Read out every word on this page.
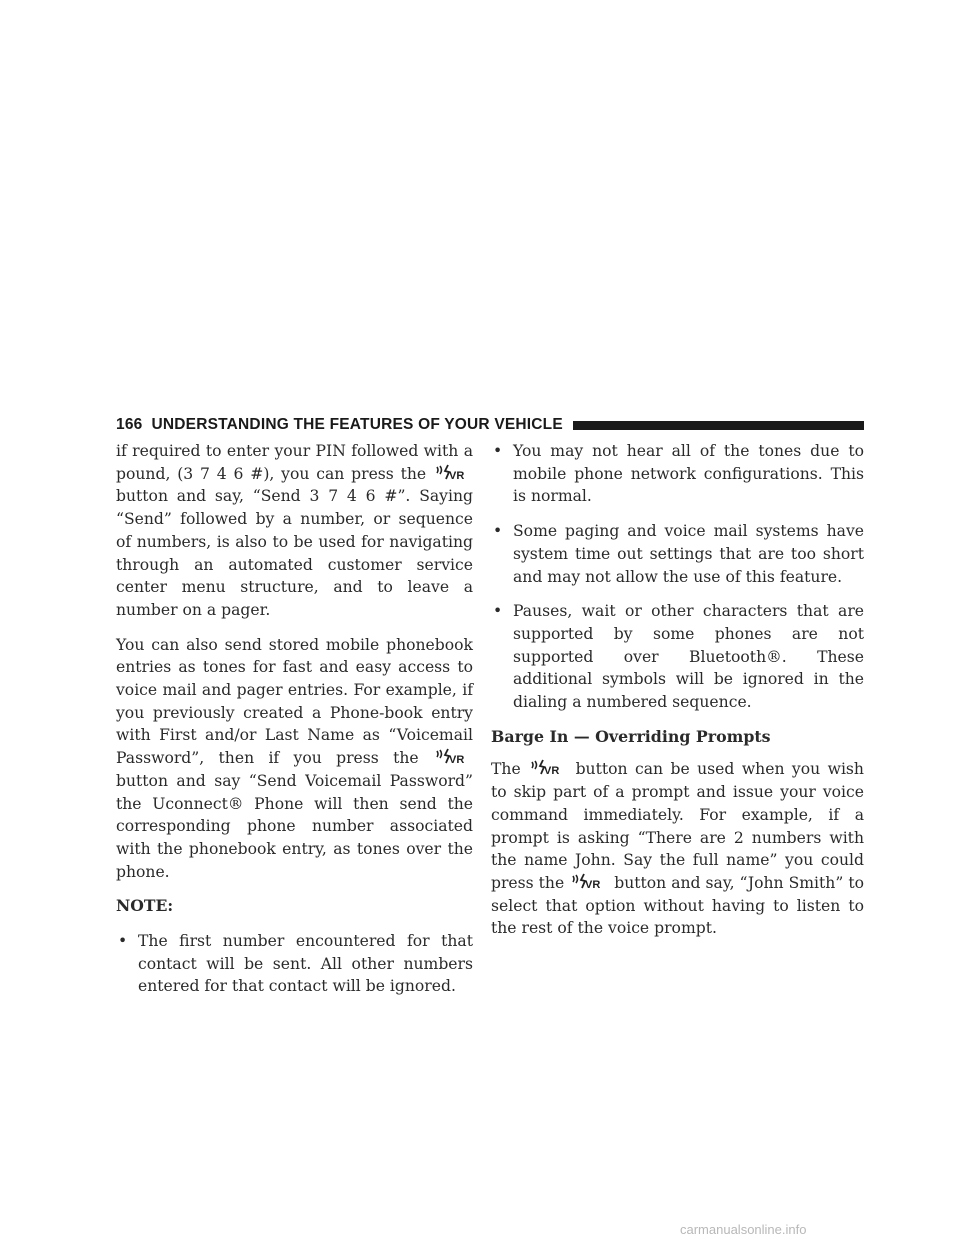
166 UNDERSTANDING THE FEATURES OF YOUR VEHICLE

if required to enter your PIN followed with a pound, (3 7 4 6 #), you can press the VR
button and say, “Send 3 7 4 6 #”. Saying “Send” followed by a number, or sequence of numbers, is also to be used for navigating through an automated customer service center menu structure, and to leave a number on a pager.

You can also send stored mobile phonebook entries as tones for fast and easy access to voice mail and pager entries. For example, if you previously created a Phone-book entry with First and/or Last Name as “Voicemail Password”, then if you press the	VR
button and say “Send Voicemail Password” the Uconnect® Phone will then send the corresponding phone number associated with the phonebook entry, as tones over the phone.

NOTE:
• The first number encountered for that contact will be sent. All other numbers entered for that contact will be ignored.
• You may not hear all of the tones due to mobile phone network configurations. This is normal.
• Some paging and voice mail systems have system time out settings that are too short and may not allow the use of this feature.
• Pauses, wait or other characters that are supported by some phones are not supported over Bluetooth®. These additional symbols will be ignored in the dialing a numbered sequence.
Barge In — Overriding Prompts

The VR button can be used when you wish to skip part of a prompt and issue your voice command immediately. For example, if a prompt is asking “There are 2 numbers with the name John. Say the full name” you could press the VR button and say, “John Smith” to select that option without having to listen to the rest of the voice prompt.

carmanualsonline.info
